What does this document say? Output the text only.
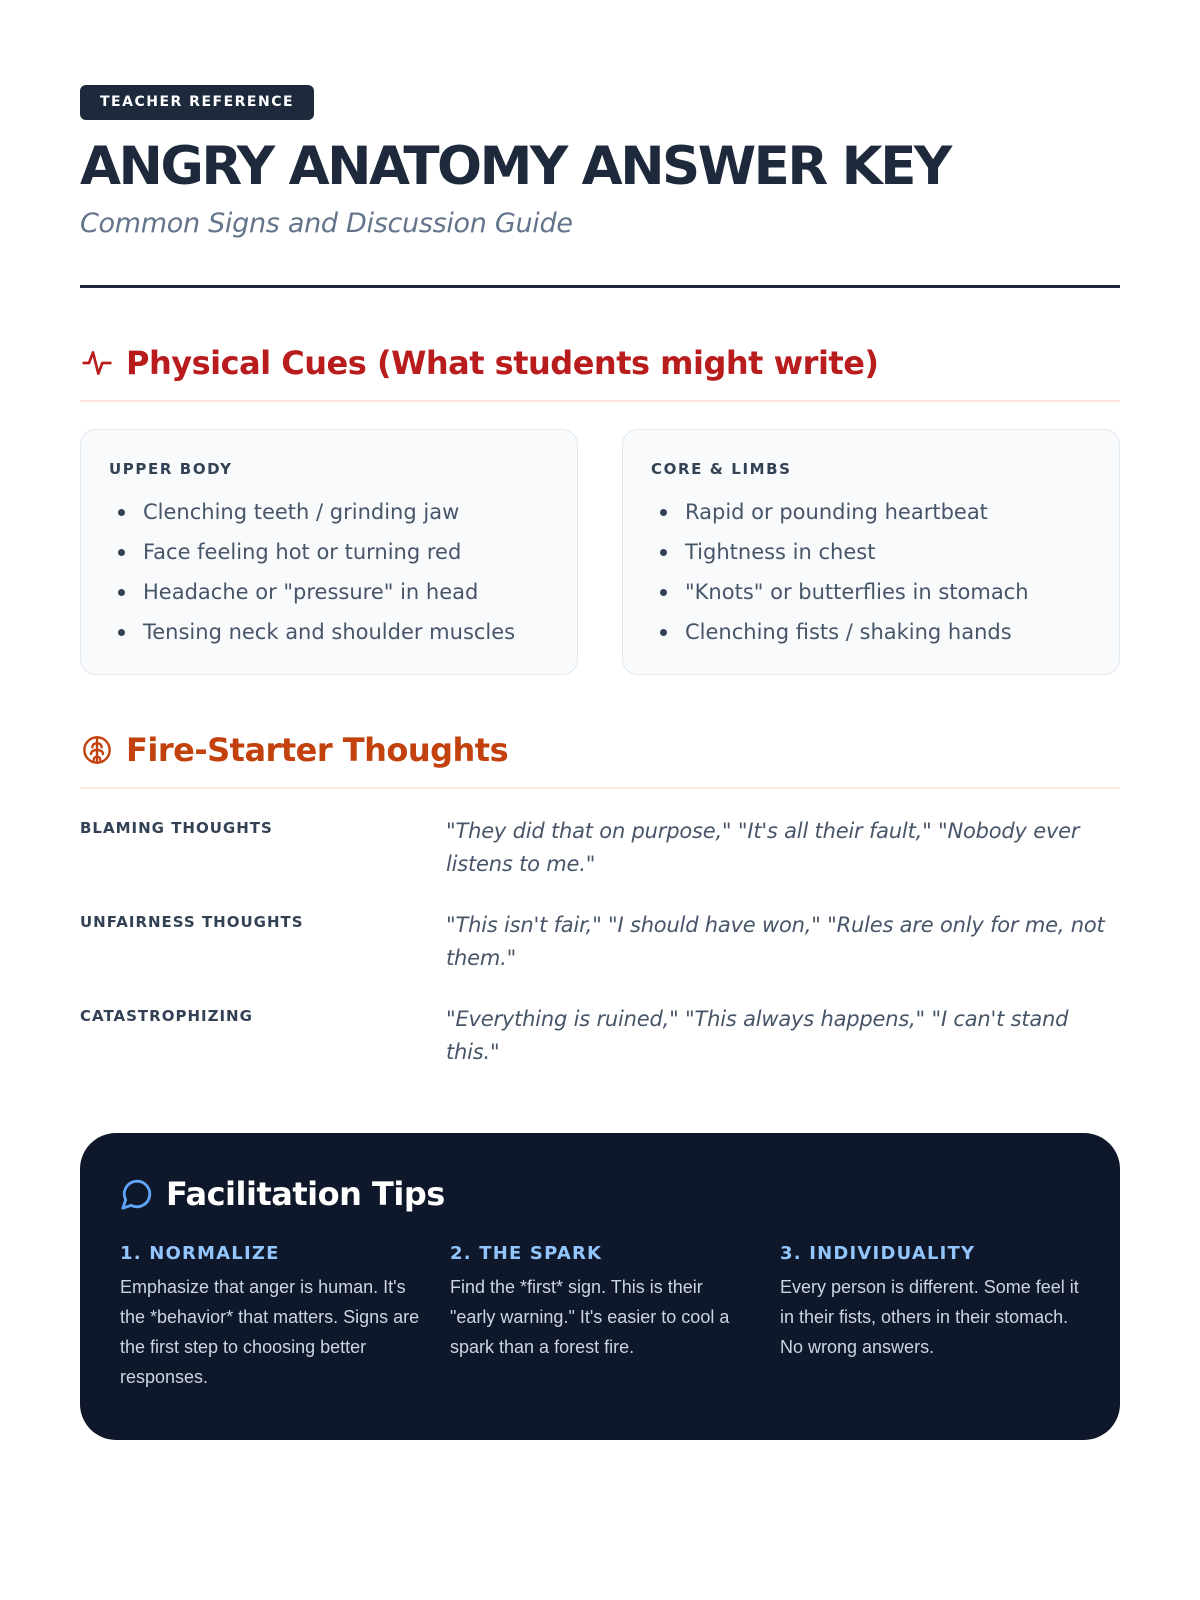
TEACHER REFERENCE
ANGRY ANATOMY ANSWER KEY
Common Signs and Discussion Guide
Physical Cues (What students might write)
UPPER BODY
Clenching teeth / grinding jaw
Face feeling hot or turning red
Headache or "pressure" in head
Tensing neck and shoulder muscles
CORE & LIMBS
Rapid or pounding heartbeat
Tightness in chest
"Knots" or butterflies in stomach
Clenching fists / shaking hands
Fire-Starter Thoughts
BLAMING THOUGHTS	"They did that on purpose," "It's all their fault," "Nobody ever listens to me."
UNFAIRNESS THOUGHTS	"This isn't fair," "I should have won," "Rules are only for me, not them."
CATASTROPHIZING	"Everything is ruined," "This always happens," "I can't stand this."
Facilitation Tips
1. NORMALIZE
Emphasize that anger is human. It's the *behavior* that matters. Signs are the first step to choosing better responses.
2. THE SPARK
Find the *first* sign. This is their "early warning." It's easier to cool a spark than a forest fire.
3. INDIVIDUALITY
Every person is different. Some feel it in their fists, others in their stomach. No wrong answers.
